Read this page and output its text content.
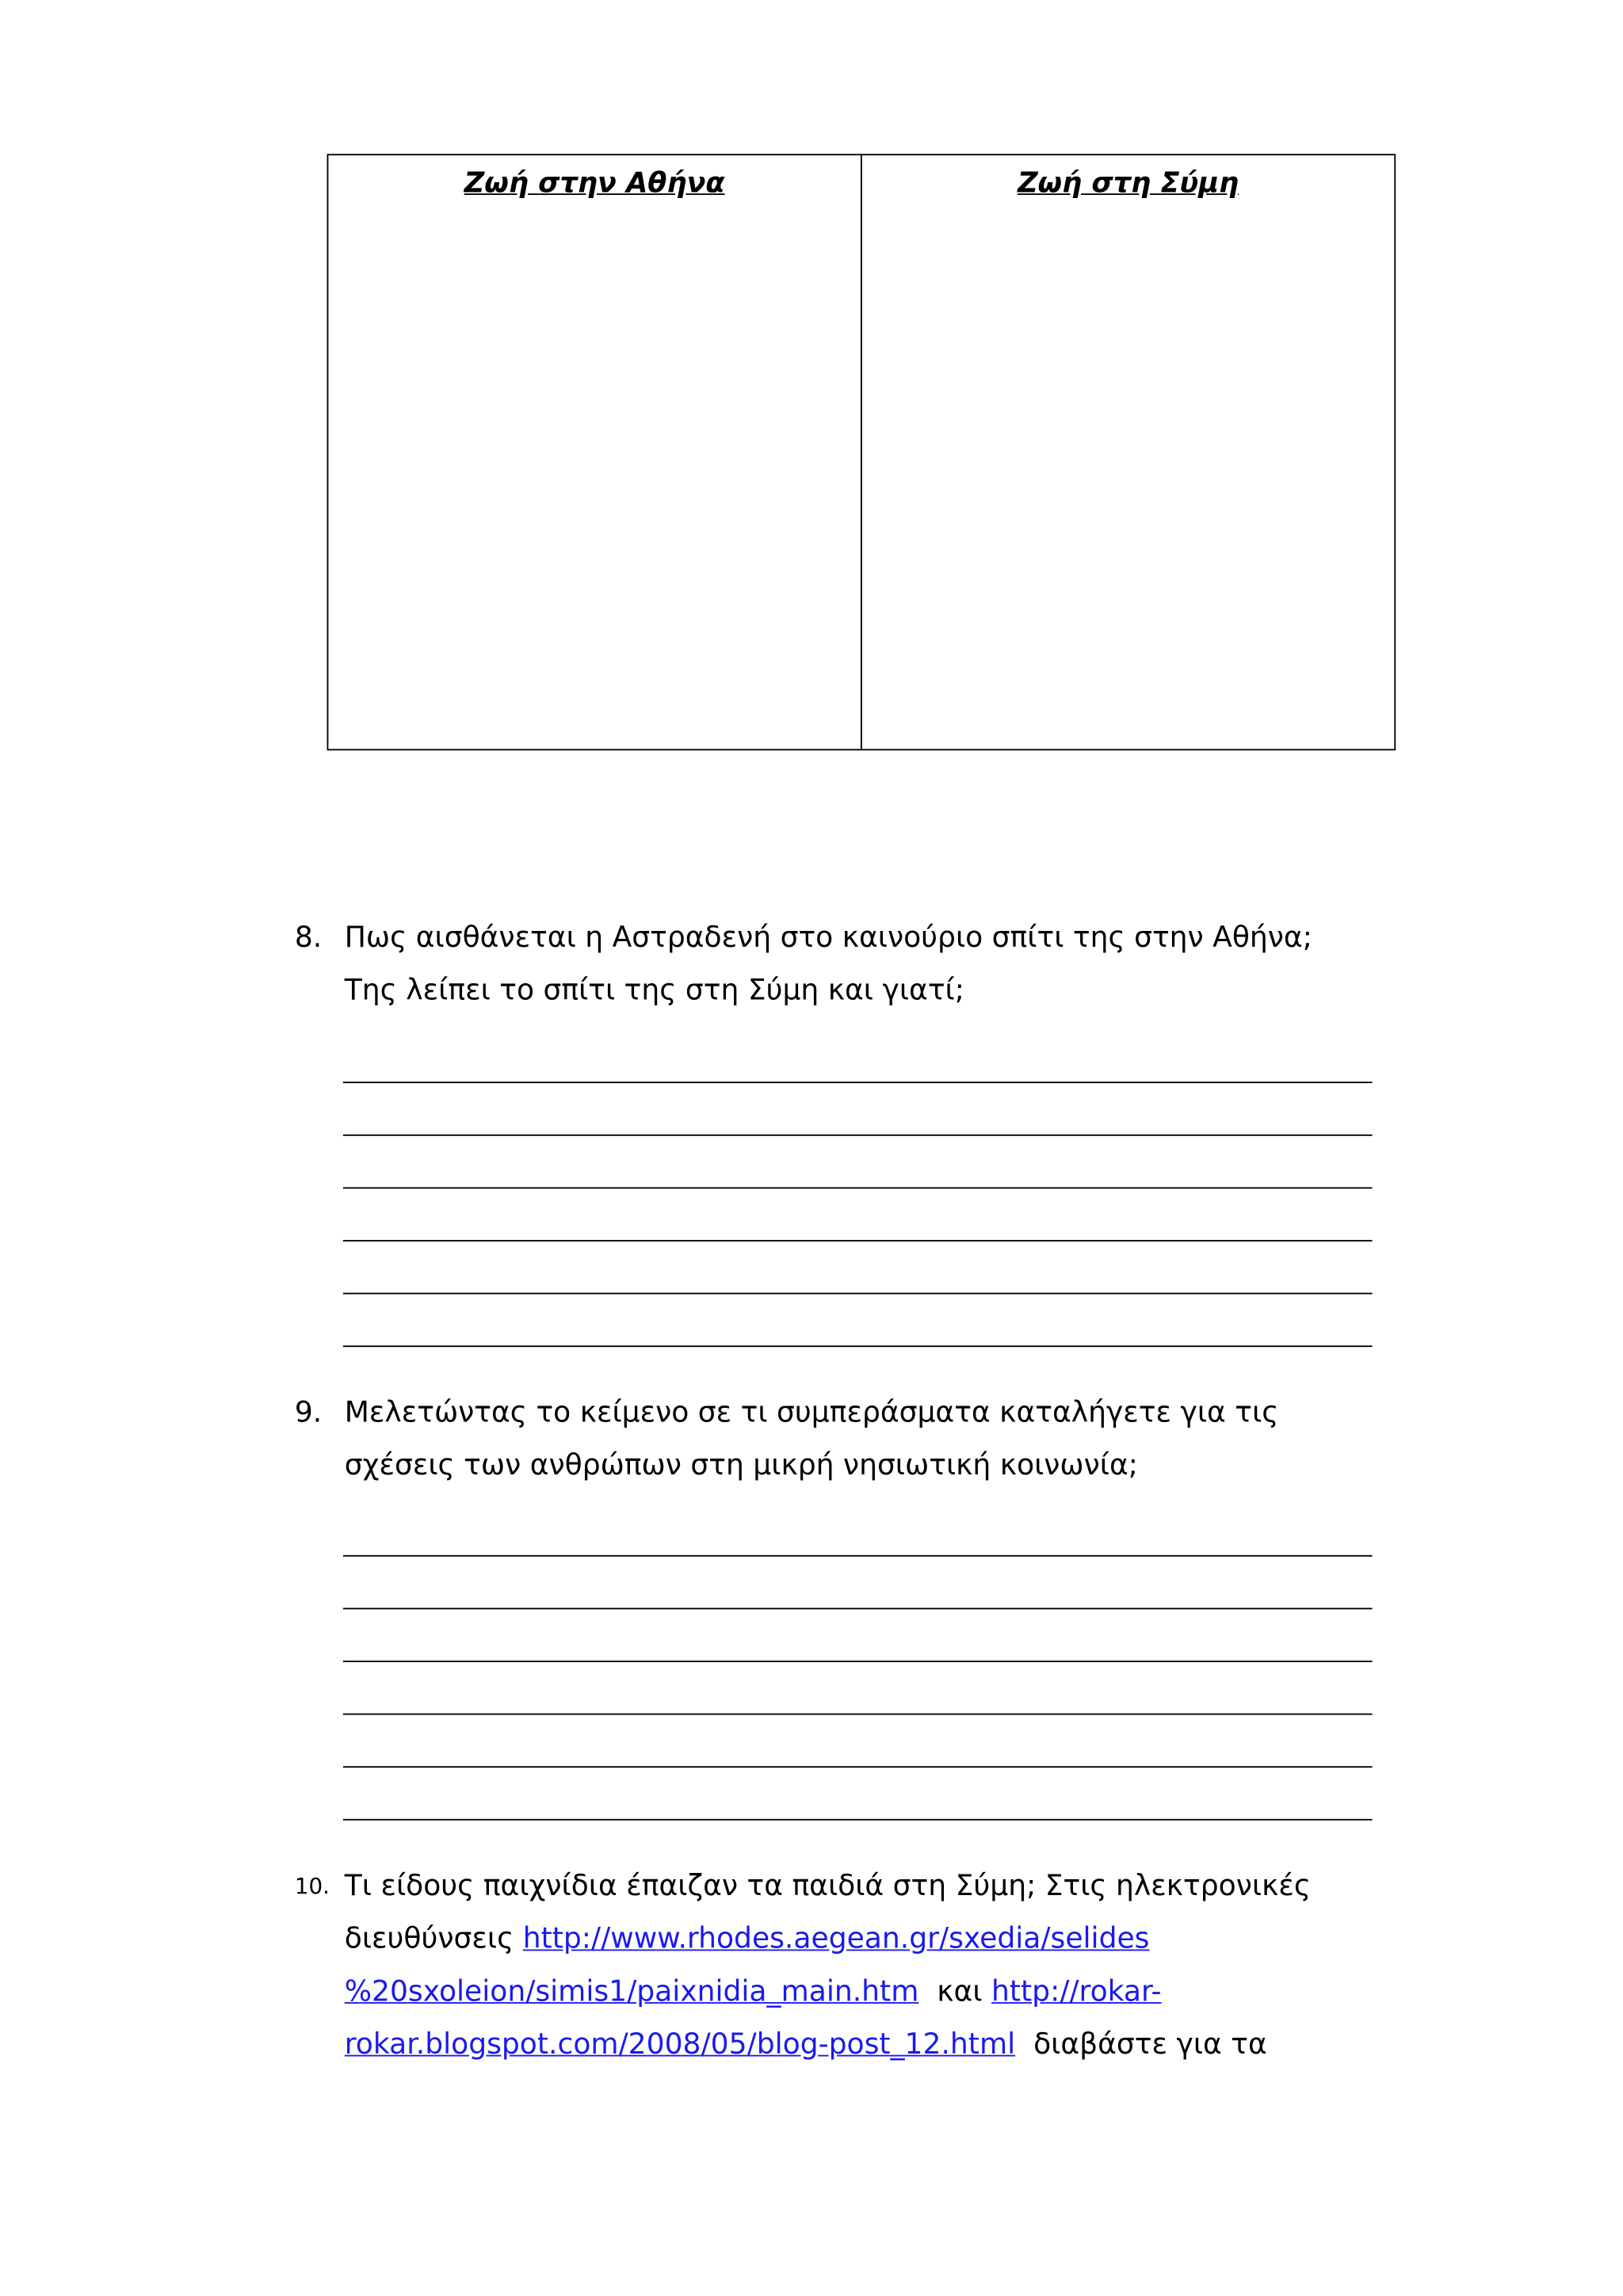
Ζωή στην Αθήνα	Ζωή στη Σύμη
8.	Πως αισθάνεται η Αστραδενή στο καινούριο σπίτι της στην Αθήνα;
Της λείπει το σπίτι της στη Σύμη και γιατί;
9.	Μελετώντας το κείμενο σε τι συμπεράσματα καταλήγετε για τις
σχέσεις των ανθρώπων στη μικρή νησιωτική κοινωνία;
10. Τι είδους παιχνίδια έπαιζαν τα παιδιά στη Σύμη; Στις ηλεκτρονικές
διευθύνσεις http://www.rhodes.aegean.gr/sxedia/selides
%20sxoleion/simis1/paixnidia_main.htm και http://rokar-
rokar.blogspot.com/2008/05/blog-post_12.html διαβάστε για τα
